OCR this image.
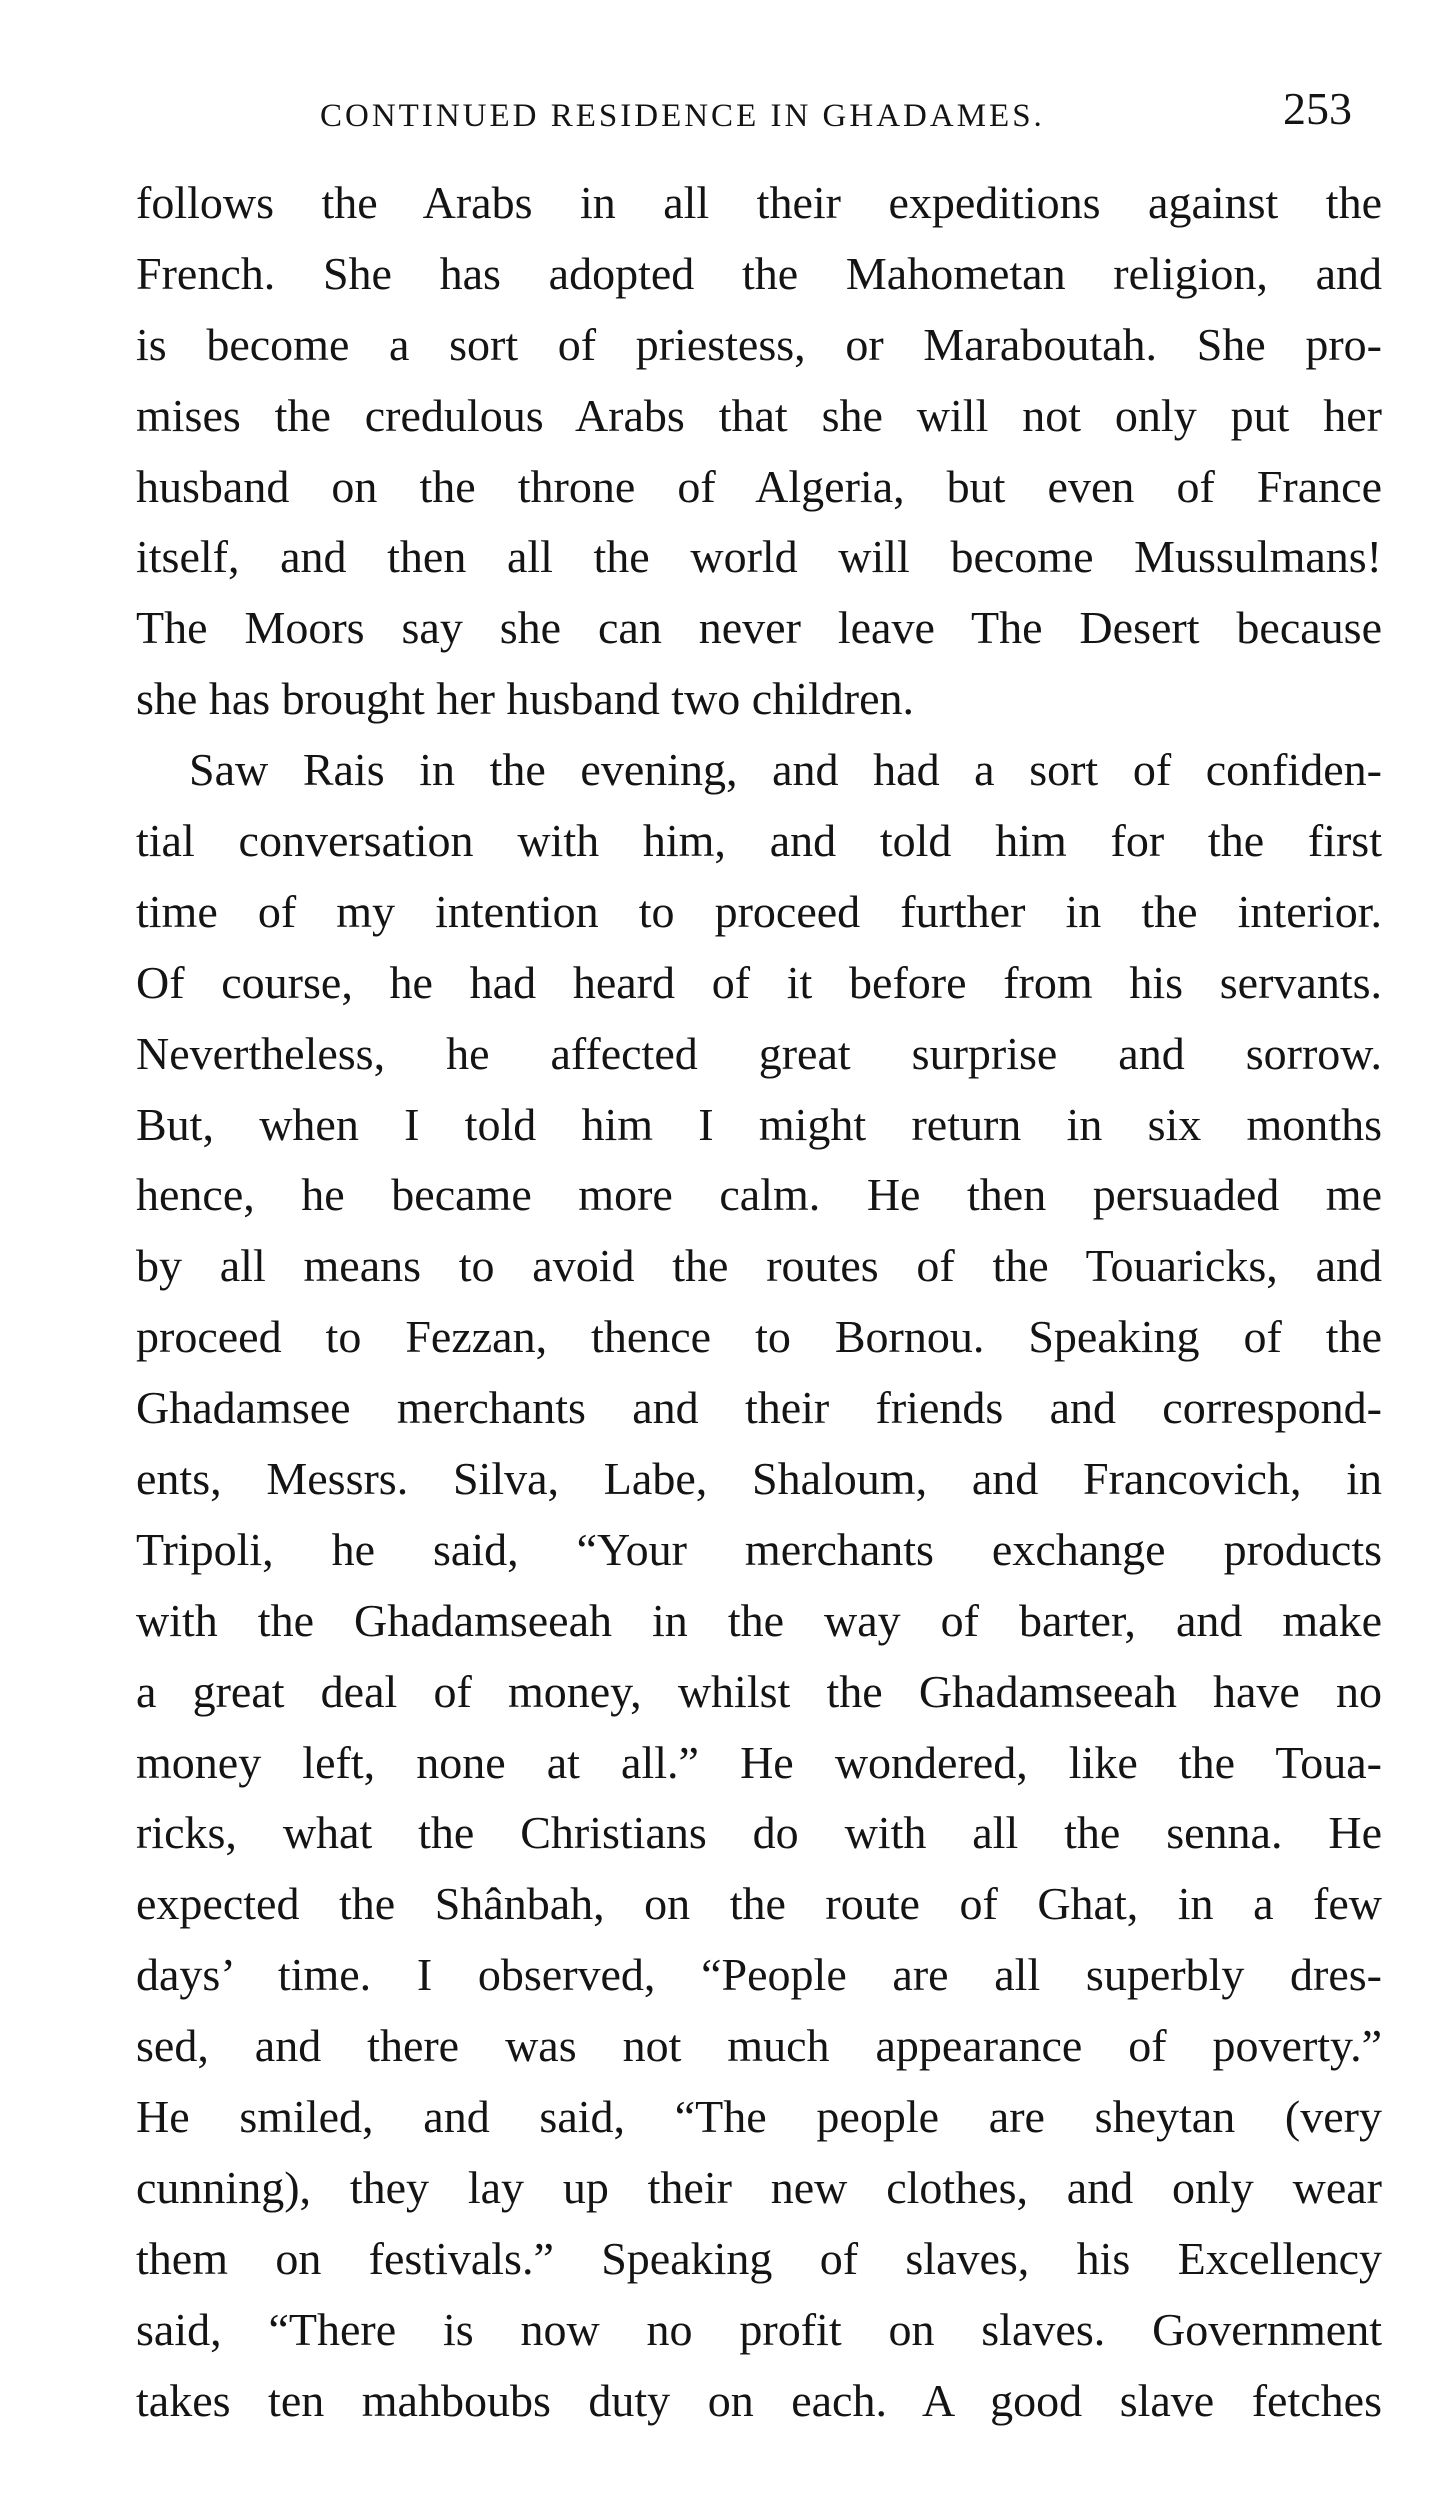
CONTINUED RESIDENCE IN GHADAMES.	253
follows the Arabs in all their expeditions against the
French. She has adopted the Mahometan religion, and
is become a sort of priestess, or Maraboutah. She pro-
mises the credulous Arabs that she will not only put her
husband on the throne of Algeria, but even of France
itself, and then all the world will become Mussulmans!
The Moors say she can never leave The Desert because
she has brought her husband two children.
Saw Rais in the evening, and had a sort of confiden-
tial conversation with him, and told him for the first
time of my intention to proceed further in the interior.
Of course, he had heard of it before from his servants.
Nevertheless, he affected great surprise and sorrow.
But, when I told him I might return in six months
hence, he became more calm. He then persuaded me
by all means to avoid the routes of the Touaricks, and
proceed to Fezzan, thence to Bornou. Speaking of the
Ghadamsee merchants and their friends and correspond-
ents, Messrs. Silva, Labe, Shaloum, and Francovich, in
Tripoli, he said, “Your merchants exchange products
with the Ghadamseeah in the way of barter, and make
a great deal of money, whilst the Ghadamseeah have no
money left, none at all.” He wondered, like the Toua-
ricks, what the Christians do with all the senna. He
expected the Shânbah, on the route of Ghat, in a few
days’ time. I observed, “People are all superbly dres-
sed, and there was not much appearance of poverty.”
He smiled, and said, “The people are sheytan (very
cunning), they lay up their new clothes, and only wear
them on festivals.” Speaking of slaves, his Excellency
said, “There is now no profit on slaves. Government
takes ten mahboubs duty on each. A good slave fetches
